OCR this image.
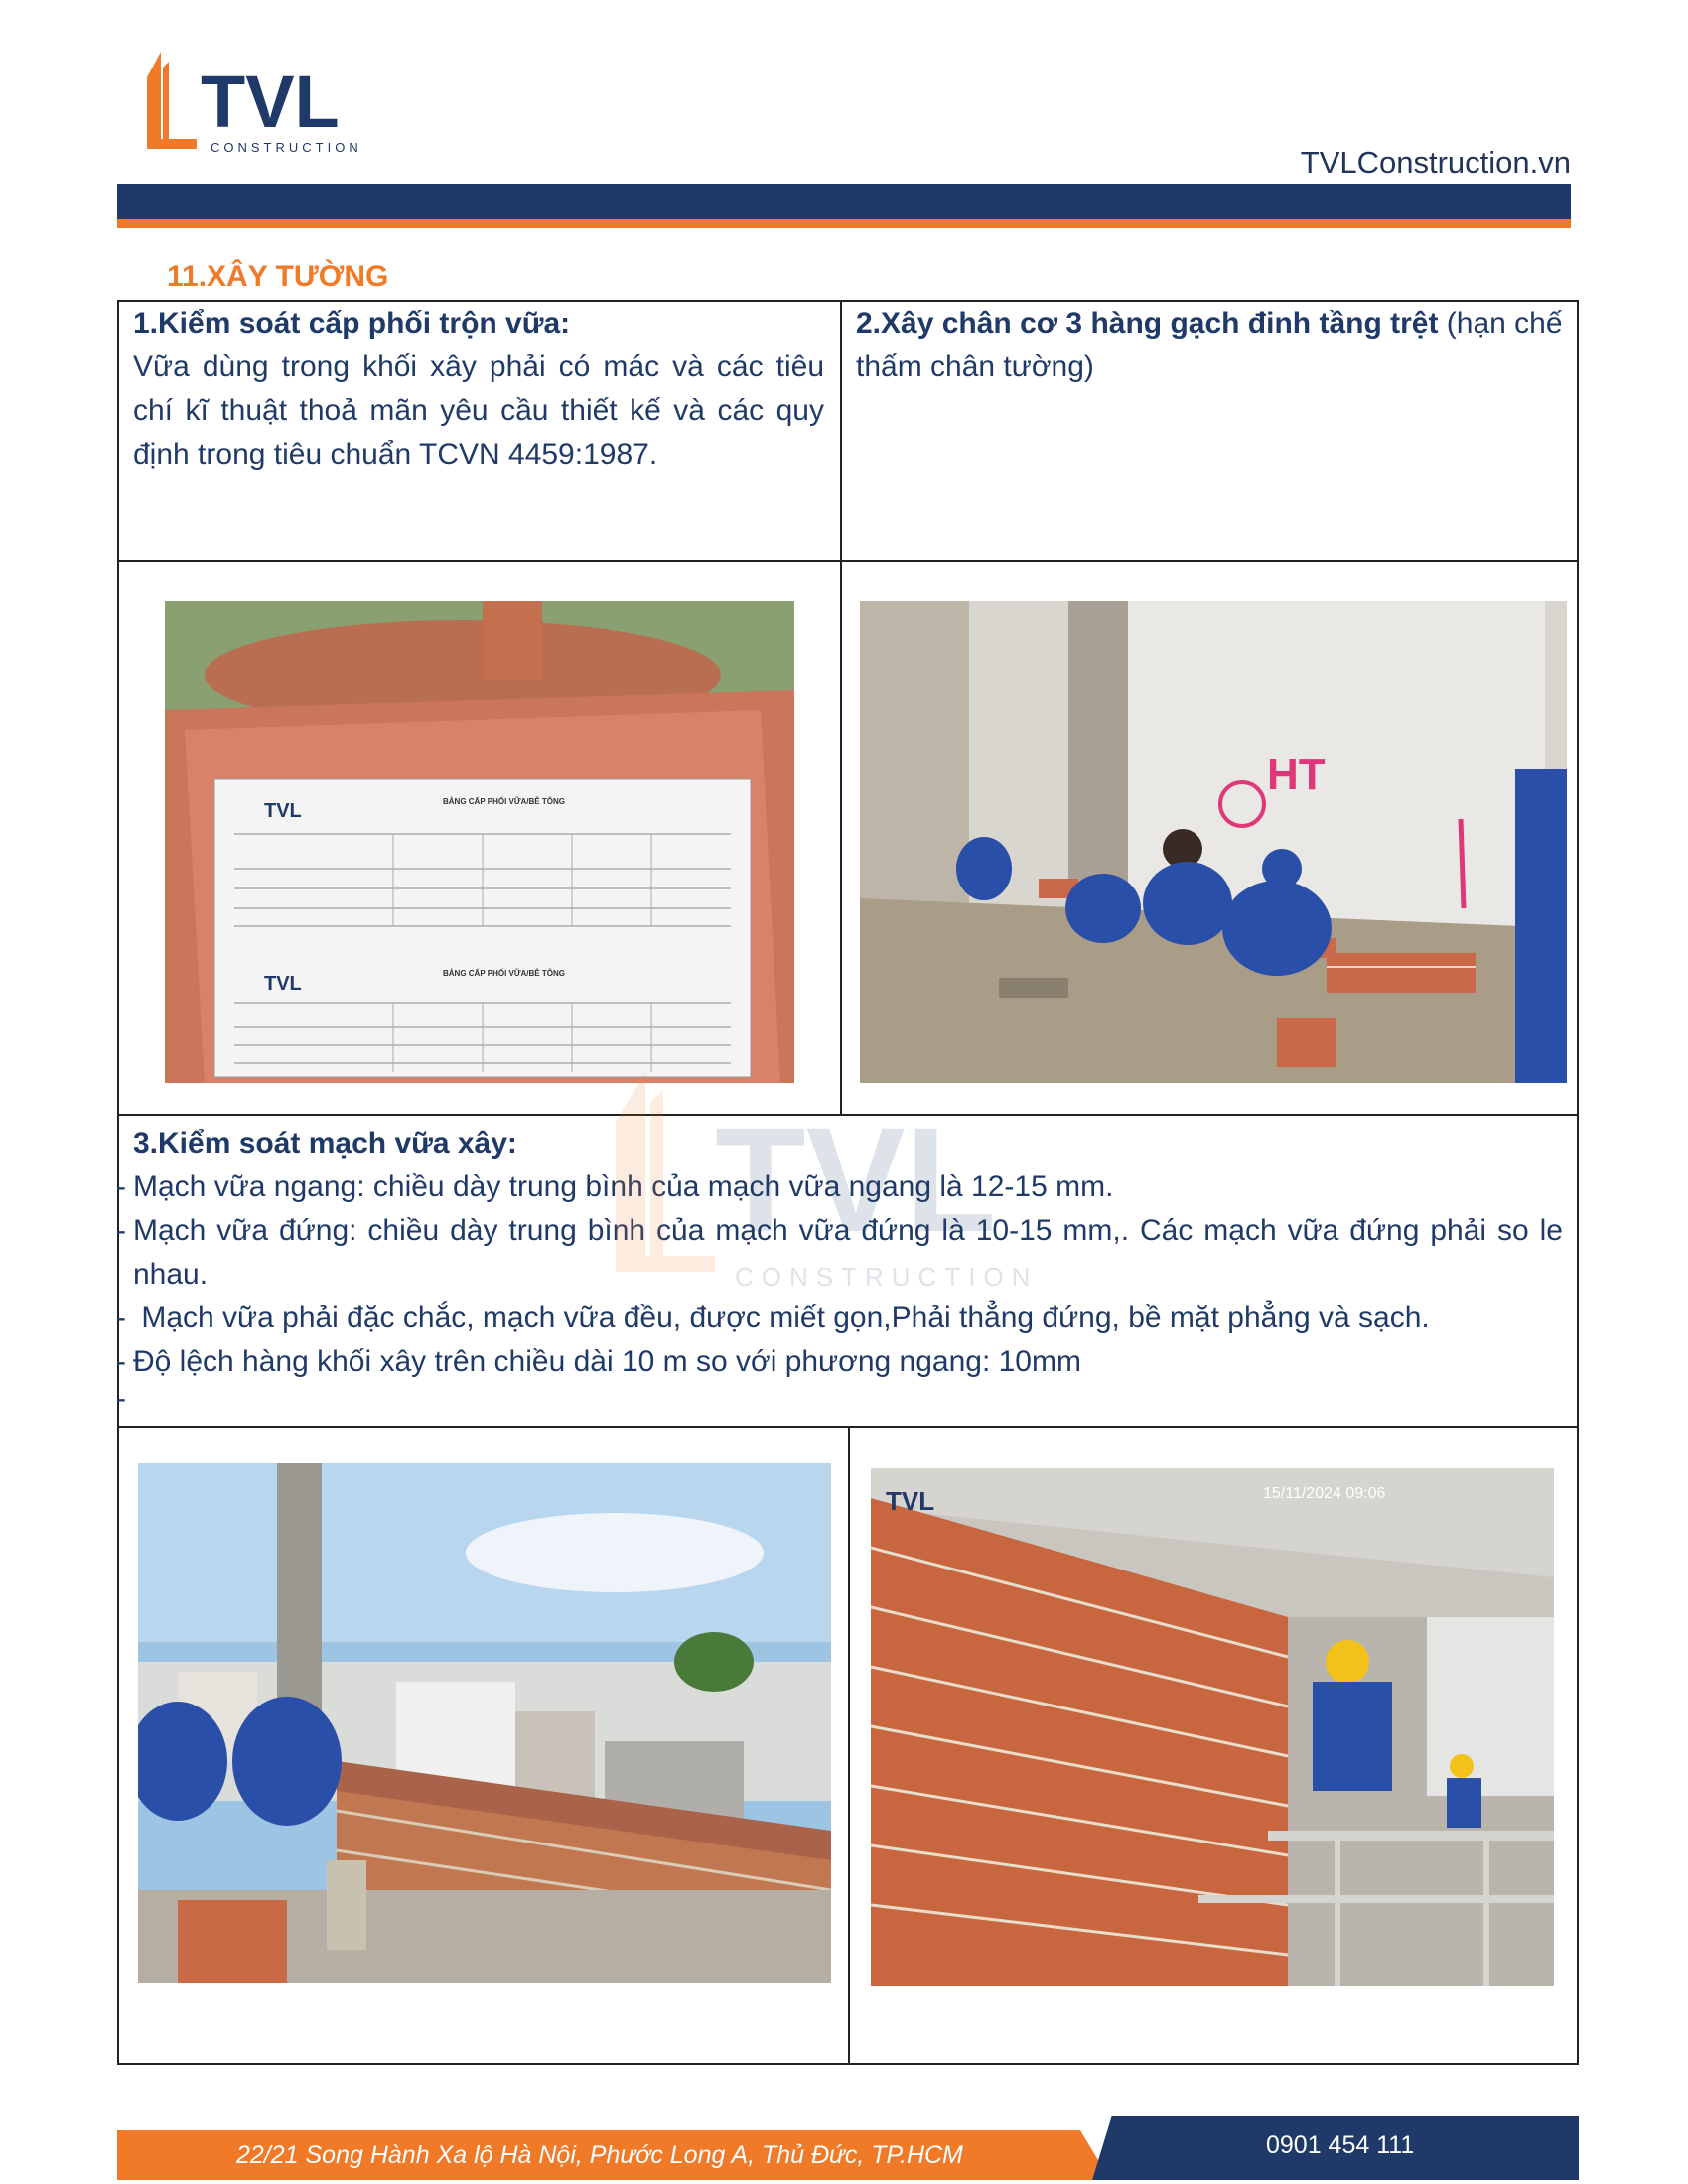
TVL
CONSTRUCTION	TVLConstruction.vn
11.XÂY TƯỜNG
1.Kiểm soát cấp phối trộn vữa:
Vữa dùng trong khối xây phải có mác và các tiêu chí kĩ thuật thoả mãn yêu cầu thiết kế và các quy định trong tiêu chuẩn TCVN 4459:1987.
2.Xây chân cơ 3 hàng gạch đinh tầng trệt (hạn chế thấm chân tường)
TVL	BẢNG CẤP PHỐI VỮA/BÊ TÔNG
TVL	BẢNG CẤP PHỐI VỮA/BÊ TÔNG
HT
3.Kiểm soát mạch vữa xây:
- Mạch vữa ngang: chiều dày trung bình của mạch vữa ngang là 12-15 mm.
- Mạch vữa đứng: chiều dày trung bình của mạch vữa đứng là 10-15 mm,. Các mạch vữa đứng phải so le nhau.
- Mạch vữa phải đặc chắc, mạch vữa đều, được miết gọn,Phải thẳng đứng, bề mặt phẳng và sạch.
- Độ lệch hàng khối xây trên chiều dài 10 m so với phương ngang: 10mm
-
TVL	15/11/2024 09:06
TVL
CONSTRUCTION
22/21 Song Hành Xa lộ Hà Nội, Phước Long A, Thủ Đức, TP.HCM	0901 454 111
